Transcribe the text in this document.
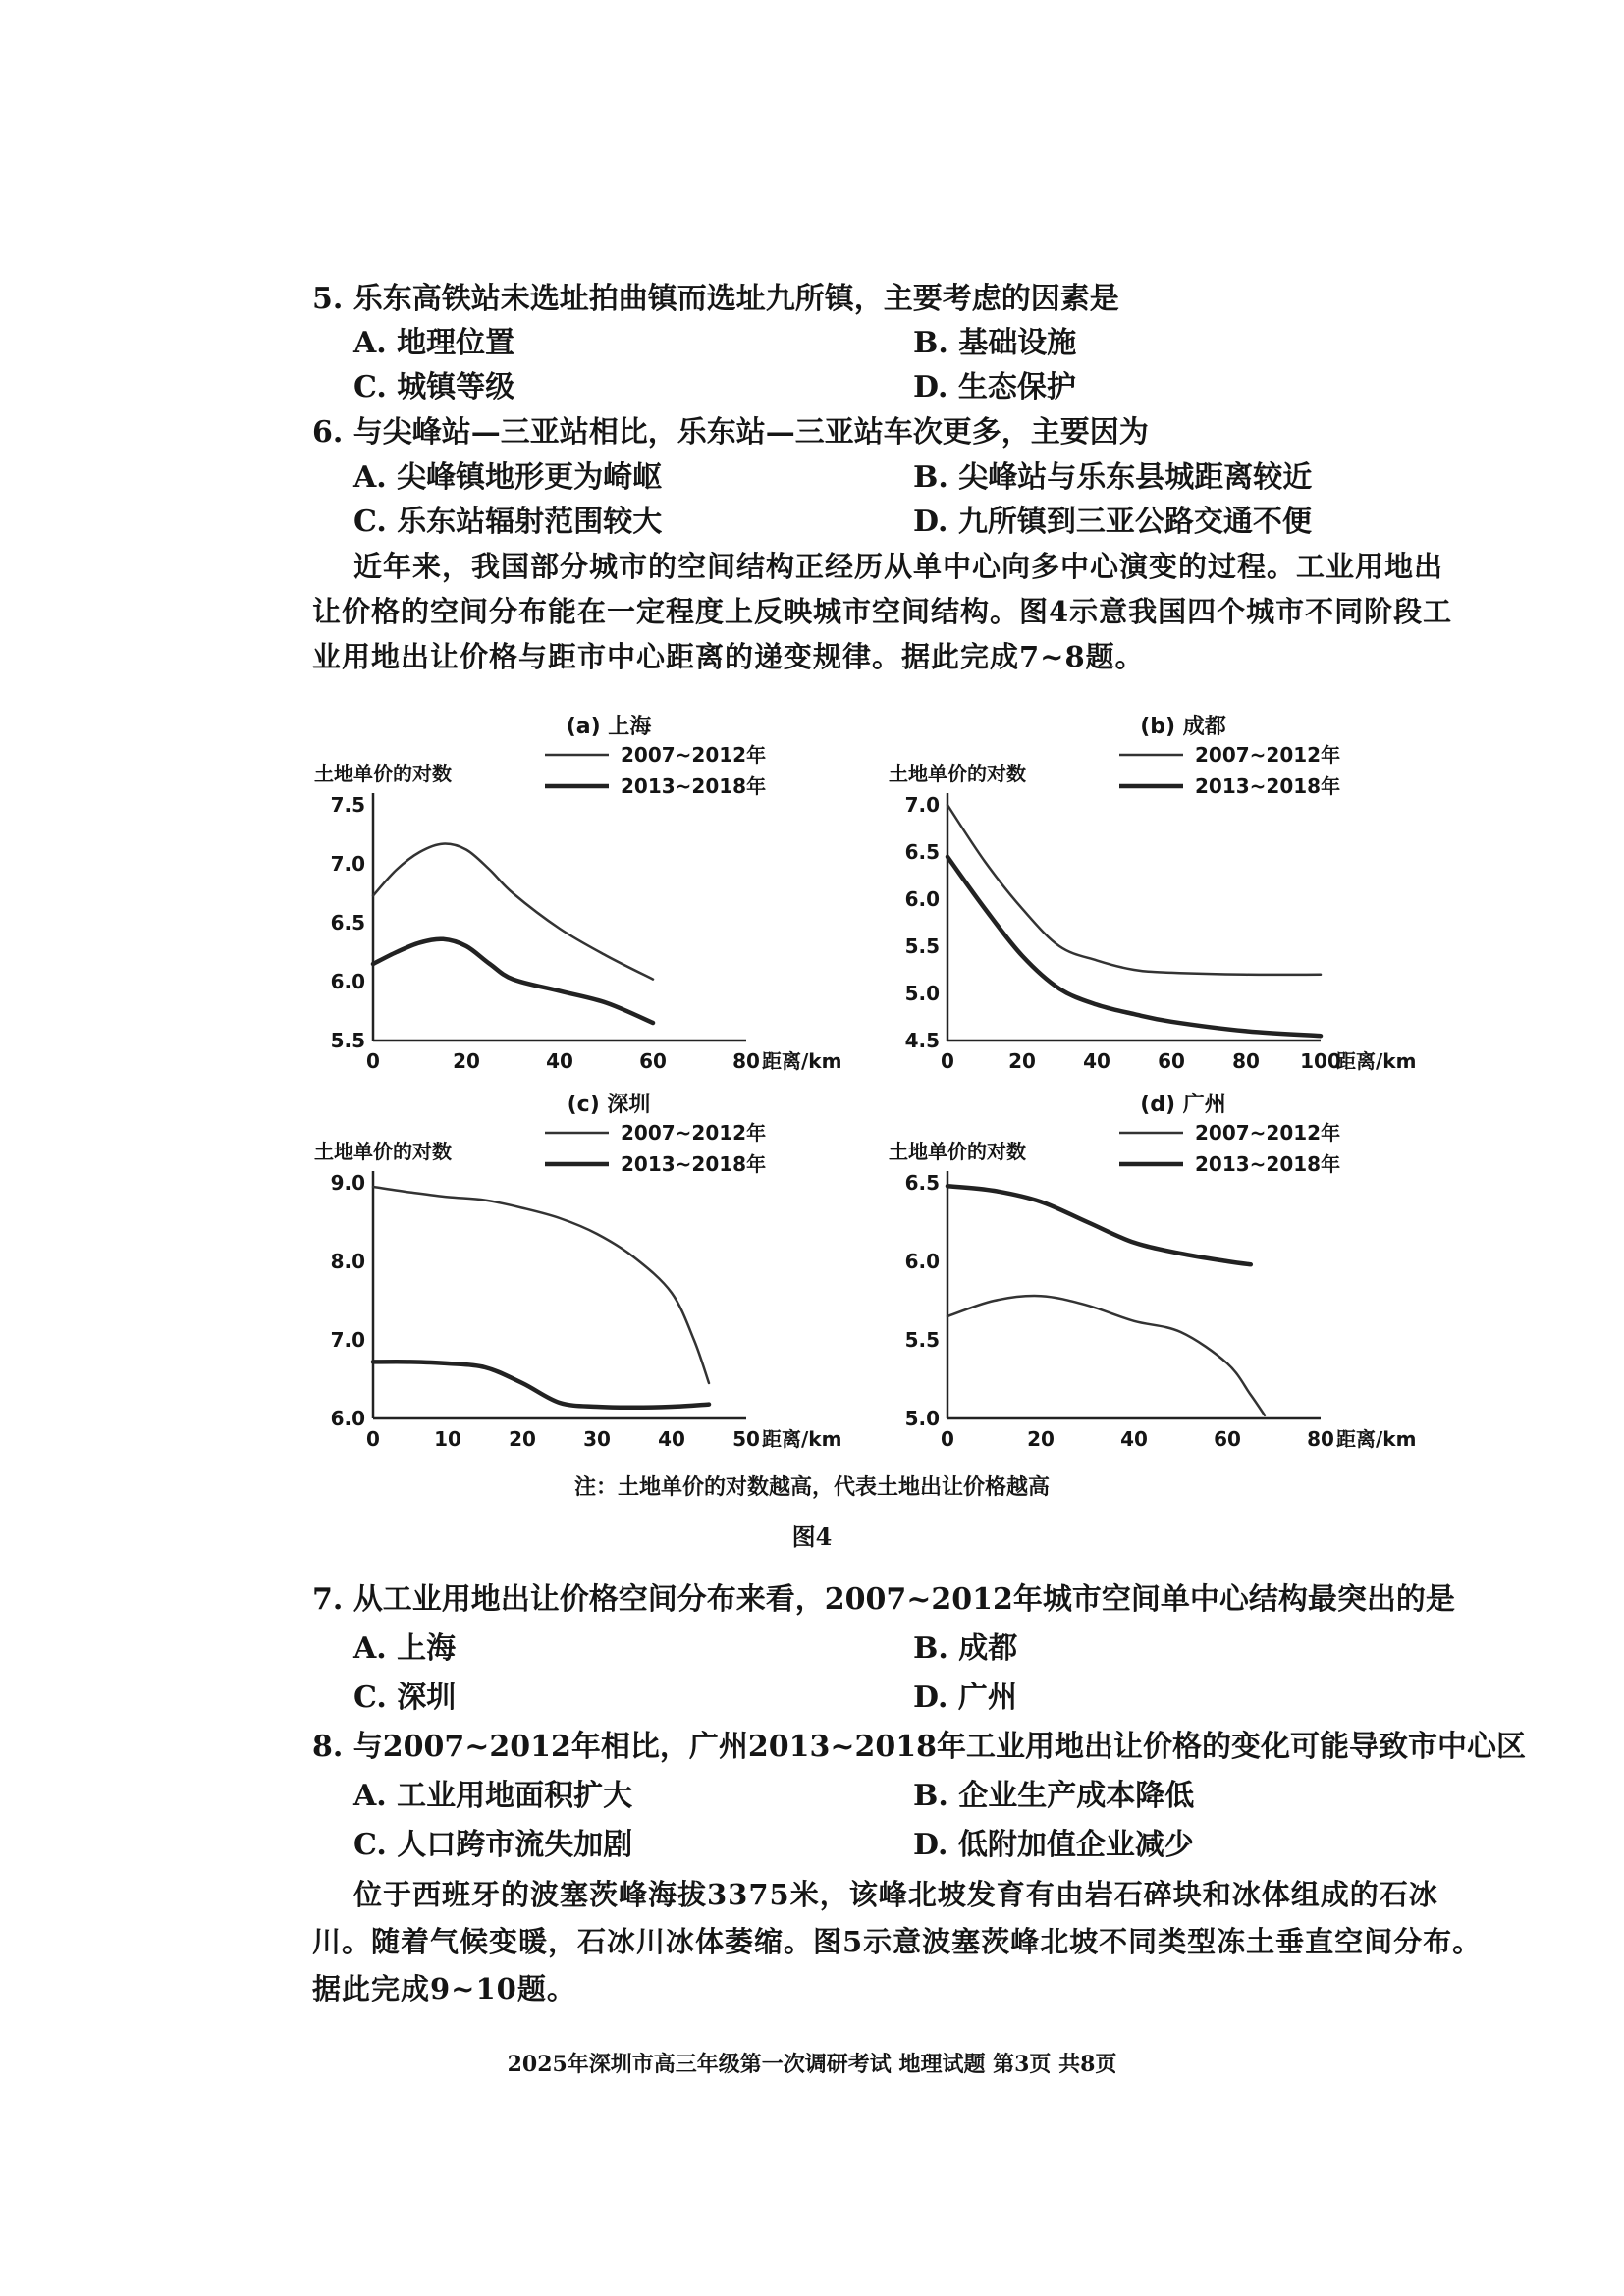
5. 乐东高铁站未选址拍曲镇而选址九所镇，主要考虑的因素是
A. 地理位置	B. 基础设施
C. 城镇等级	D. 生态保护
6. 与尖峰站—三亚站相比，乐东站—三亚站车次更多，主要因为
A. 尖峰镇地形更为崎岖	B. 尖峰站与乐东县城距离较近
C. 乐东站辐射范围较大	D. 九所镇到三亚公路交通不便
近年来，我国部分城市的空间结构正经历从单中心向多中心演变的过程。工业用地出
让价格的空间分布能在一定程度上反映城市空间结构。图4示意我国四个城市不同阶段工
业用地出让价格与距市中心距离的递变规律。据此完成7~8题。
(a) 上海
土地单价的对数
7.5
7.0
6.5
6.0
5.5
0	20	40	60	80 距离/km
2007~2012年
2013~2018年
(b) 成都
土地单价的对数
7.0
6.5
6.0
5.5
5.0
4.5
0	20 40 60 80 100
距离/km
2007~2012年
2013~2018年
(c) 深圳
土地单价的对数
9.0
8.0
7.0
6.0
0	10 20 30 40 50 距离/km
2007~2012年
2013~2018年
(d) 广州
土地单价的对数
6.5
6.0
5.5
5.0
0	20	40	60	80 距离/km
2007~2012年
2013~2018年
注：土地单价的对数越高，代表土地出让价格越高
图4
7. 从工业用地出让价格空间分布来看，2007~2012年城市空间单中心结构最突出的是
A. 上海	B. 成都
C. 深圳	D. 广州
8. 与2007~2012年相比，广州2013~2018年工业用地出让价格的变化可能导致市中心区
A. 工业用地面积扩大	B. 企业生产成本降低
C. 人口跨市流失加剧	D. 低附加值企业减少
位于西班牙的波塞茨峰海拔3375米，该峰北坡发育有由岩石碎块和冰体组成的石冰
川。随着气候变暖，石冰川冰体萎缩。图5示意波塞茨峰北坡不同类型冻土垂直空间分布。
据此完成9~10题。
2025年深圳市高三年级第一次调研考试 地理试题 第3页 共8页
